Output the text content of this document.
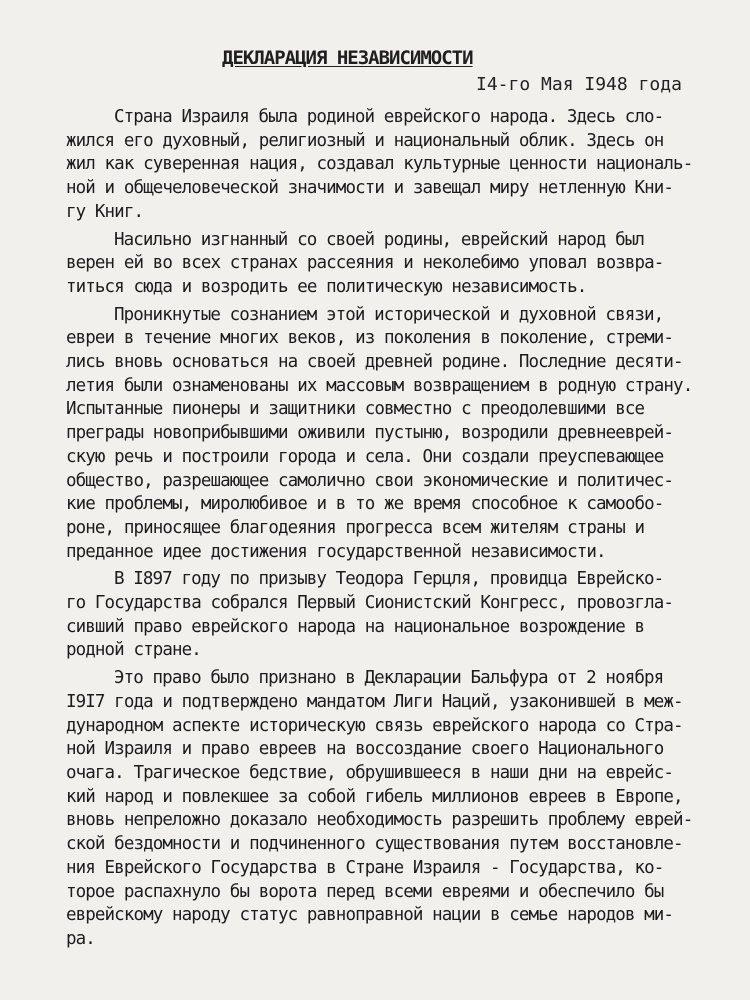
ДЕКЛАРАЦИЯ НЕЗАВИСИМОСТИ
I4-го Мая I948 года

Страна Израиля была родиной еврейского народа. Здесь сло-
жился его духовный, религиозный и национальный облик. Здесь он
жил как суверенная нация, создавал культурные ценности националь-
ной и общечеловеческой значимости и завещал миру нетленную Кни-
гу Книг.

Насильно изгнанный со своей родины, еврейский народ был
верен ей во всех странах рассеяния и неколебимо уповал возвра-
титься сюда и возродить ее политическую независимость.

Проникнутые сознанием этой исторической и духовной связи,
евреи в течение многих веков, из поколения в поколение, стреми-
лись вновь основаться на своей древней родине. Последние десяти-
летия были ознаменованы их массовым возвращением в родную страну.
Испытанные пионеры и защитники совместно с преодолевшими все
преграды новоприбывшими оживили пустыню, возродили древнееврей-
скую речь и построили города и села. Они создали преуспевающее
общество, разрешающее самолично свои экономические и политичес-
кие проблемы, миролюбивое и в то же время способное к самообо-
роне, приносящее благодеяния прогресса всем жителям страны и
преданное идее достижения государственной независимости.

В I897 году по призыву Теодора Герцля, провидца Еврейско-
го Государства собрался Первый Сионистский Конгресс, провозгла-
сивший право еврейского народа на национальное возрождение в
родной стране.

Это право было признано в Декларации Бальфура от 2 ноября
I9I7 года и подтверждено мандатом Лиги Наций, узаконившей в меж-
дународном аспекте историческую связь еврейского народа со Стра-
ной Израиля и право евреев на воссоздание своего Национального
очага. Трагическое бедствие, обрушившееся в наши дни на еврейс-
кий народ и повлекшее за собой гибель миллионов евреев в Европе,
вновь непреложно доказало необходимость разрешить проблему еврей-
ской бездомности и подчиненного существования путем восстановле-
ния Еврейского Государства в Стране Израиля - Государства, ко-
торое распахнуло бы ворота перед всеми евреями и обеспечило бы
еврейскому народу статус равноправной нации в семье народов ми-
ра.
